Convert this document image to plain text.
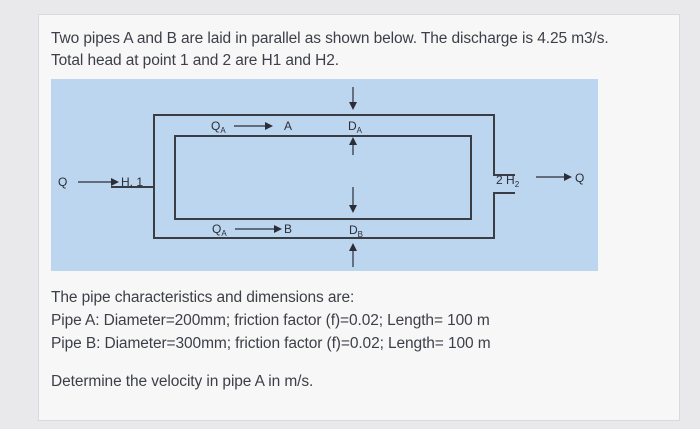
Two pipes A and B are laid in parallel as shown below. The discharge is 4.25 m3/s.
Total head at point 1 and 2 are H1 and H2.
Q	H, 1
$Q_A$	A	$D_A$
$D_B$
$Q_A$	B
2 $H_2$	Q
The pipe characteristics and dimensions are:
Pipe A: Diameter=200mm; friction factor (f)=0.02; Length= 100 m
Pipe B: Diameter=300mm; friction factor (f)=0.02; Length= 100 m
Determine the velocity in pipe A in m/s.
